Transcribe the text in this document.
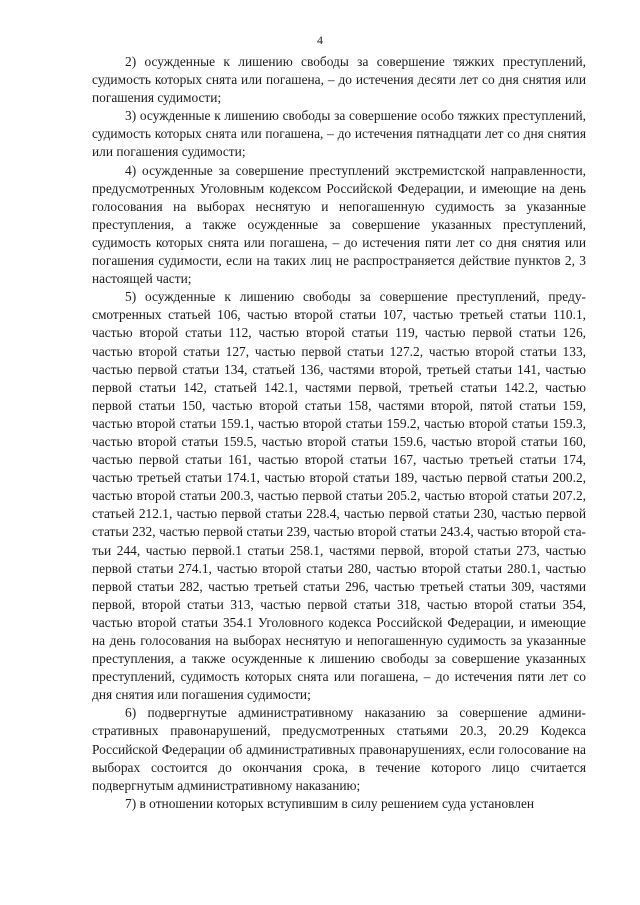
4

2) осужденные к лишению свободы за совершение тяжких преступлений, судимость которых снята или погашена, – до истечения десяти лет со дня снятия или погашения судимости;

3) осужденные к лишению свободы за совершение особо тяжких преступлений, судимость которых снята или погашена, – до истечения пятнадцати лет со дня снятия или погашения судимости;

4) осужденные за совершение преступлений экстремистской направленности, предусмотренных Уголовным кодексом Российской Федерации, и имеющие на день голосования на выборах неснятую и непогашенную судимость за указанные преступления, а также осужденные за совершение указанных преступлений, судимость которых снята или погашена, – до истечения пяти лет со дня снятия или погашения судимости, если на таких лиц не распространяется действие пунктов 2, 3 настоящей части;

5) осужденные к лишению свободы за совершение преступлений, предусмотренных статьей 106, частью второй статьи 107, частью третьей статьи 110.1, частью второй статьи 112, частью второй статьи 119, частью первой статьи 126, частью второй статьи 127, частью первой статьи 127.2, частью второй статьи 133, частью первой статьи 134, статьей 136, частями второй, третьей статьи 141, частью первой статьи 142, статьей 142.1, частями первой, третьей статьи 142.2, частью первой статьи 150, частью второй статьи 158, частями второй, пятой статьи 159, частью второй статьи 159.1, частью второй статьи 159.2, частью второй статьи 159.3, частью второй статьи 159.5, частью второй статьи 159.6, частью второй статьи 160, частью первой статьи 161, частью второй статьи 167, частью третьей статьи 174, частью третьей статьи 174.1, частью второй статьи 189, частью первой статьи 200.2, частью второй статьи 200.3, частью первой статьи 205.2, частью второй статьи 207.2, статьей 212.1, частью первой статьи 228.4, частью первой статьи 230, частью первой статьи 232, частью первой статьи 239, частью второй статьи 243.4, частью второй статьи 244, частью первой.1 статьи 258.1, частями первой, второй статьи 273, частью первой статьи 274.1, частью второй статьи 280, частью второй статьи 280.1, частью первой статьи 282, частью третьей статьи 296, частью третьей статьи 309, частями первой, второй статьи 313, частью первой статьи 318, частью второй статьи 354, частью второй статьи 354.1 Уголовного кодекса Российской Федерации, и имеющие на день голосования на выборах неснятую и непогашенную судимость за указанные преступления, а также осужденные к лишению свободы за совершение указанных преступлений, судимость которых снята или погашена, – до истечения пяти лет со дня снятия или погашения судимости;

6) подвергнутые административному наказанию за совершение административных правонарушений, предусмотренных статьями 20.3, 20.29 Кодекса Российской Федерации об административных правонарушениях, если голосование на выборах состоится до окончания срока, в течение которого лицо считается подвергнутым административному наказанию;

7) в отношении которых вступившим в силу решением суда установлен
